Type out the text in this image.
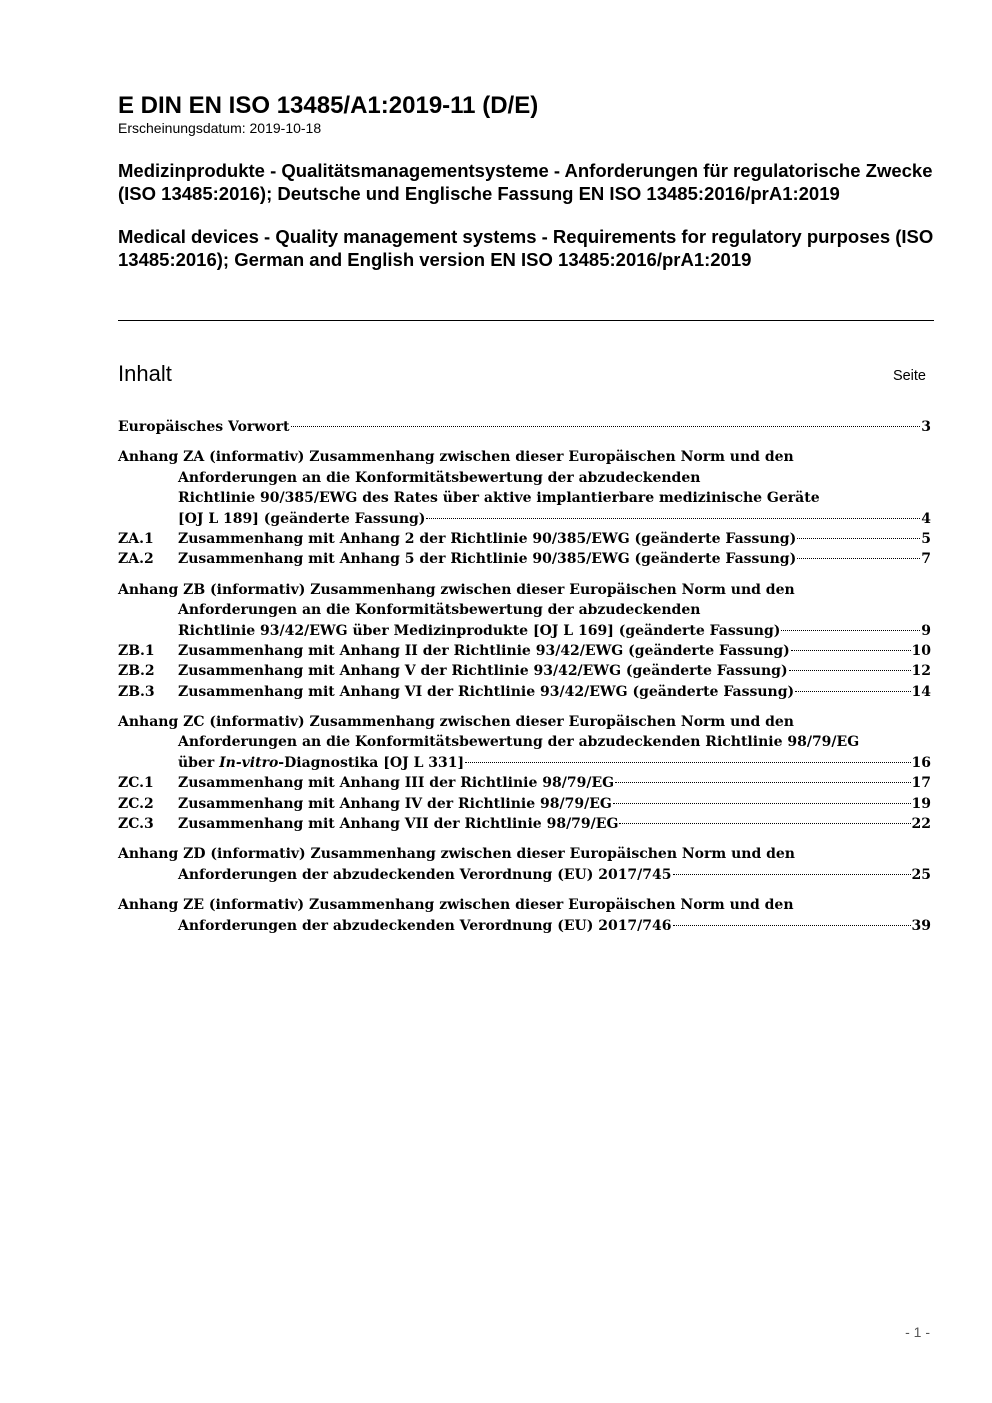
E DIN EN ISO 13485/A1:2019-11 (D/E)
Erscheinungsdatum: 2019-10-18
Medizinprodukte - Qualitätsmanagementsysteme - Anforderungen für regulatorische Zwecke (ISO 13485:2016); Deutsche und Englische Fassung EN ISO 13485:2016/prA1:2019
Medical devices - Quality management systems - Requirements for regulatory purposes (ISO 13485:2016); German and English version EN ISO 13485:2016/prA1:2019
Inhalt	Seite
Europäisches Vorwort	3
Anhang ZA (informativ) Zusammenhang zwischen dieser Europäischen Norm und den
Anforderungen an die Konformitätsbewertung der abzudeckenden
Richtlinie 90/385/EWG des Rates über aktive implantierbare medizinische Geräte
[OJ L 189] (geänderte Fassung)	4
ZA.1	Zusammenhang mit Anhang 2 der Richtlinie 90/385/EWG (geänderte Fassung)	5
ZA.2	Zusammenhang mit Anhang 5 der Richtlinie 90/385/EWG (geänderte Fassung)	7
Anhang ZB (informativ) Zusammenhang zwischen dieser Europäischen Norm und den
Anforderungen an die Konformitätsbewertung der abzudeckenden
Richtlinie 93/42/EWG über Medizinprodukte [OJ L 169] (geänderte Fassung)	9
ZB.1	Zusammenhang mit Anhang II der Richtlinie 93/42/EWG (geänderte Fassung)	10
ZB.2	Zusammenhang mit Anhang V der Richtlinie 93/42/EWG (geänderte Fassung)	12
ZB.3	Zusammenhang mit Anhang VI der Richtlinie 93/42/EWG (geänderte Fassung)	14
Anhang ZC (informativ) Zusammenhang zwischen dieser Europäischen Norm und den
Anforderungen an die Konformitätsbewertung der abzudeckenden Richtlinie 98/79/EG
über In-vitro-Diagnostika [OJ L 331]	16
ZC.1	Zusammenhang mit Anhang III der Richtlinie 98/79/EG	17
ZC.2	Zusammenhang mit Anhang IV der Richtlinie 98/79/EG	19
ZC.3	Zusammenhang mit Anhang VII der Richtlinie 98/79/EG	22
Anhang ZD (informativ) Zusammenhang zwischen dieser Europäischen Norm und den
Anforderungen der abzudeckenden Verordnung (EU) 2017/745	25
Anhang ZE (informativ) Zusammenhang zwischen dieser Europäischen Norm und den
Anforderungen der abzudeckenden Verordnung (EU) 2017/746	39
- 1 -
